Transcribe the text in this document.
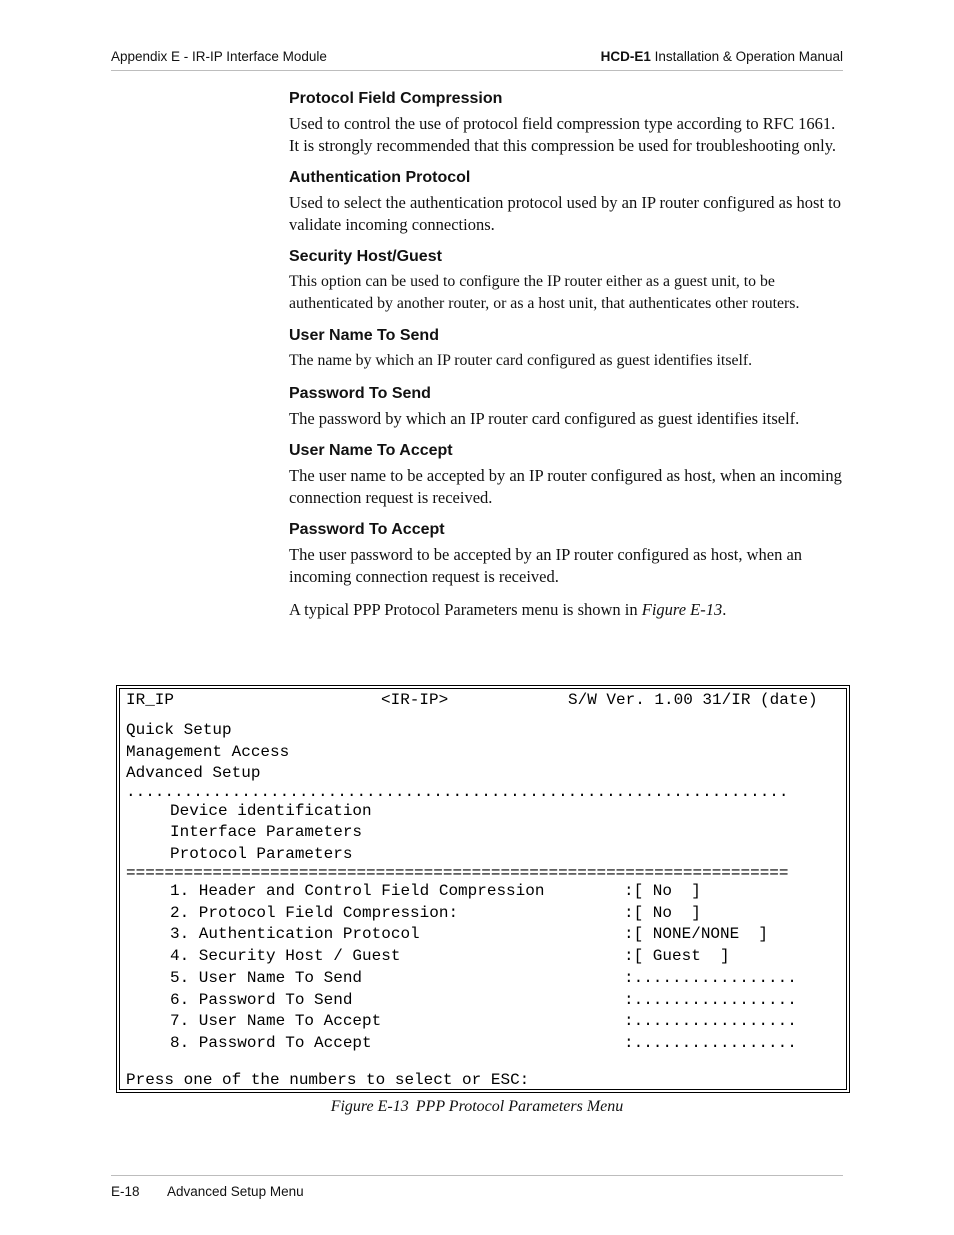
Appendix E - IR-IP Interface Module	HCD-E1 Installation & Operation Manual
Protocol Field Compression
Used to control the use of protocol field compression type according to RFC 1661. It is strongly recommended that this compression be used for troubleshooting only.
Authentication Protocol
Used to select the authentication protocol used by an IP router configured as host to validate incoming connections.
Security Host/Guest
This option can be used to configure the IP router either as a guest unit, to be authenticated by another router, or as a host unit, that authenticates other routers.
User Name To Send
The name by which an IP router card configured as guest identifies itself.
Password To Send
The password by which an IP router card configured as guest identifies itself.
User Name To Accept
The user name to be accepted by an IP router configured as host, when an incoming connection request is received.
Password To Accept
The user password to be accepted by an IP router configured as host, when an incoming connection request is received.

A typical PPP Protocol Parameters menu is shown in Figure E-13.

IR_IP	<IR-IP>	S/W Ver. 1.00 31/IR (date)
Quick Setup
Management Access
Advanced Setup
.....................................................................
Device identification
Interface Parameters
Protocol Parameters
=====================================================================
1. Header and Control Field Compression	:[ No  ]
2. Protocol Field Compression:	:[ No  ]
3. Authentication Protocol	:[ NONE/NONE  ]
4. Security Host / Guest	:[ Guest  ]
5. User Name To Send	:.................
6. Password To Send	:.................
7. User Name To Accept	:.................
8. Password To Accept	:.................
Press one of the numbers to select or ESC:
Figure E-13 PPP Protocol Parameters Menu
E-18 Advanced Setup Menu
